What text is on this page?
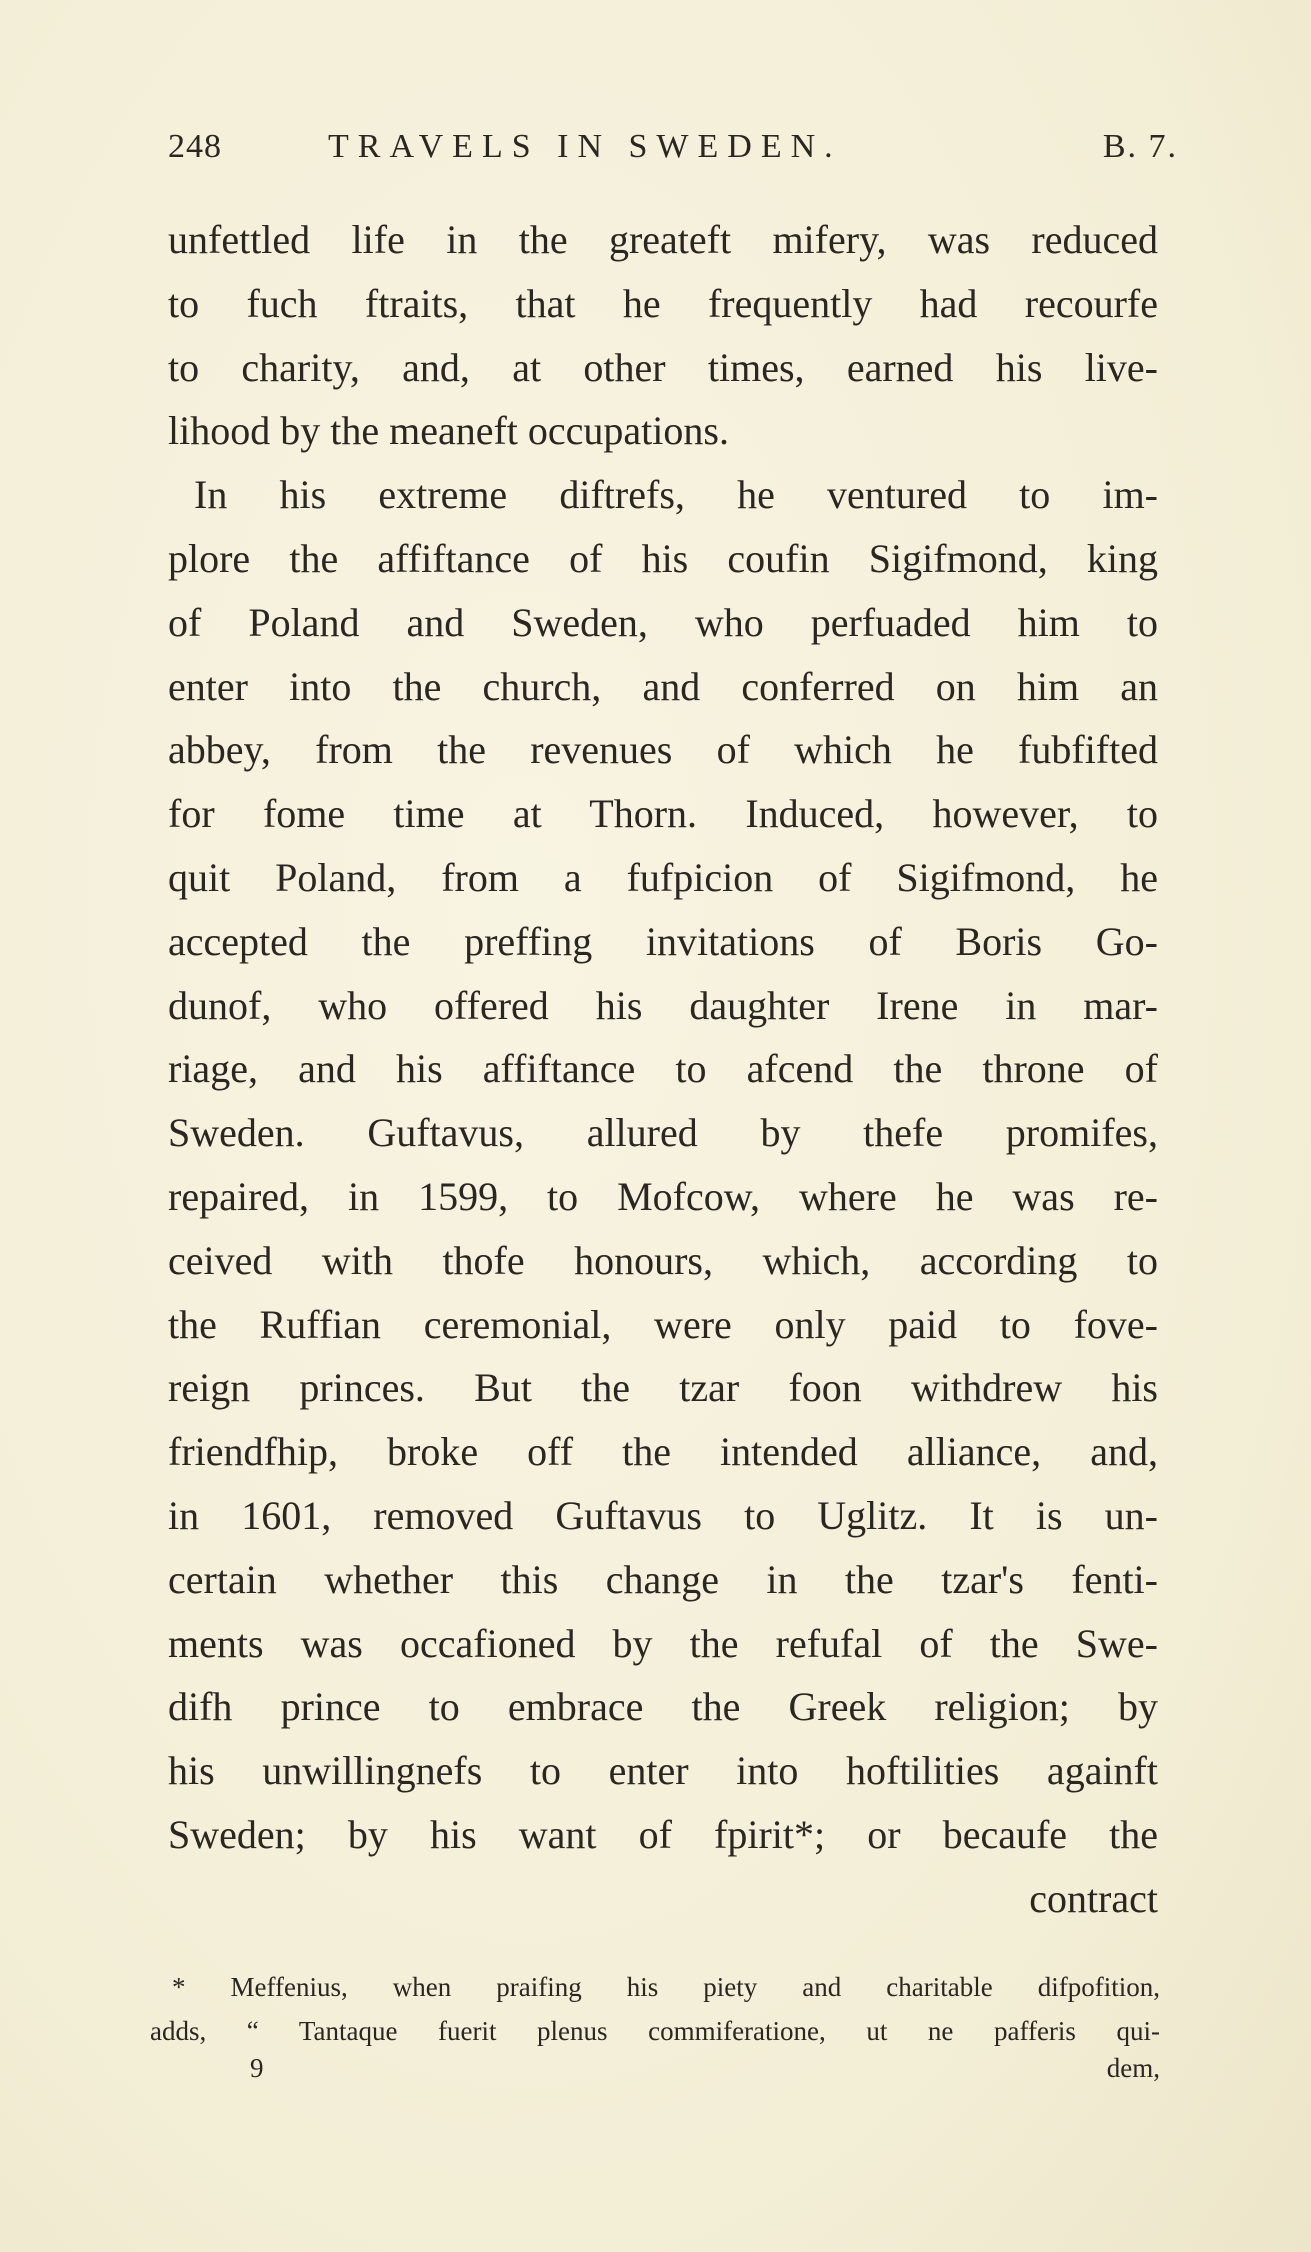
248	TRAVELS IN SWEDEN.	B. 7.
unfettled life in the greateft mifery, was reduced
to fuch ftraits, that he frequently had recourfe
to charity, and, at other times, earned his live-
lihood by the meaneft occupations.
In his extreme diftrefs, he ventured to im-
plore the affiftance of his coufin Sigifmond, king
of Poland and Sweden, who perfuaded him to
enter into the church, and conferred on him an
abbey, from the revenues of which he fubfifted
for fome time at Thorn. Induced, however, to
quit Poland, from a fufpicion of Sigifmond, he
accepted the preffing invitations of Boris Go-
dunof, who offered his daughter Irene in mar-
riage, and his affiftance to afcend the throne of
Sweden. Guftavus, allured by thefe promifes,
repaired, in 1599, to Mofcow, where he was re-
ceived with thofe honours, which, according to
the Ruffian ceremonial, were only paid to fove-
reign princes. But the tzar foon withdrew his
friendfhip, broke off the intended alliance, and,
in 1601, removed Guftavus to Uglitz. It is un-
certain whether this change in the tzar's fenti-
ments was occafioned by the refufal of the Swe-
difh prince to embrace the Greek religion; by
his unwillingnefs to enter into hoftilities againft
Sweden; by his want of fpirit*; or becaufe the
contract
* Meffenius, when praifing his piety and charitable difpofition,
adds, “ Tantaque fuerit plenus commiferatione, ut ne pafferis qui-
9	dem,
